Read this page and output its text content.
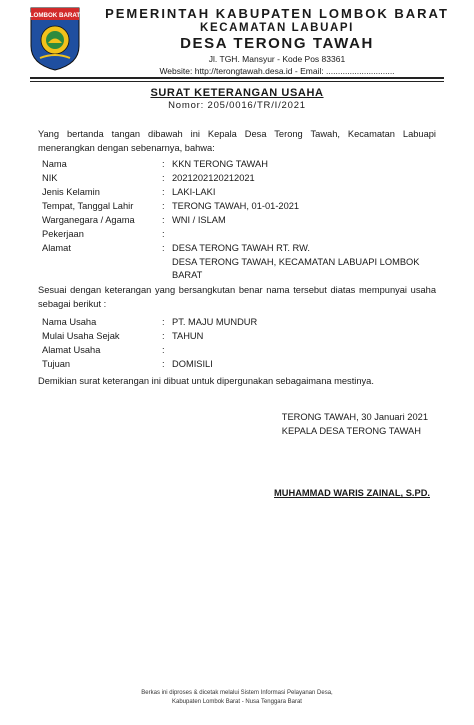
LOMBOK BARAT	PEMERINTAH KABUPATEN LOMBOK BARAT
KECAMATAN LABUAPI
DESA TERONG TAWAH
Jl. TGH. Mansyur - Kode Pos 83361
Website: http://terongtawah.desa.id - Email: .............................
SURAT KETERANGAN USAHA
Nomor: 205/0016/TR/I/2021
Yang bertanda tangan dibawah ini Kepala Desa Terong Tawah, Kecamatan Labuapi menerangkan dengan sebenarnya, bahwa:
Nama	: KKN TERONG TAWAH
NIK	: 2021202120212021
Jenis Kelamin	: LAKI-LAKI
Tempat, Tanggal Lahir	: TERONG TAWAH, 01-01-2021
Warganegara / Agama	: WNI / ISLAM
Pekerjaan	:
Alamat	: DESA TERONG TAWAH RT. RW.
DESA TERONG TAWAH, KECAMATAN LABUAPI LOMBOK BARAT
Sesuai dengan keterangan yang bersangkutan benar nama tersebut diatas mempunyai usaha sebagai berikut :
Nama Usaha	: PT. MAJU MUNDUR
Mulai Usaha Sejak	: TAHUN
Alamat Usaha	:
Tujuan	: DOMISILI
Demikian surat keterangan ini dibuat untuk dipergunakan sebagaimana mestinya.
TERONG TAWAH, 30 Januari 2021
KEPALA DESA TERONG TAWAH
MUHAMMAD WARIS ZAINAL, S.PD.
Berkas ini diproses & dicetak melalui Sistem Informasi Pelayanan Desa,
Kabupaten Lombok Barat - Nusa Tenggara Barat
